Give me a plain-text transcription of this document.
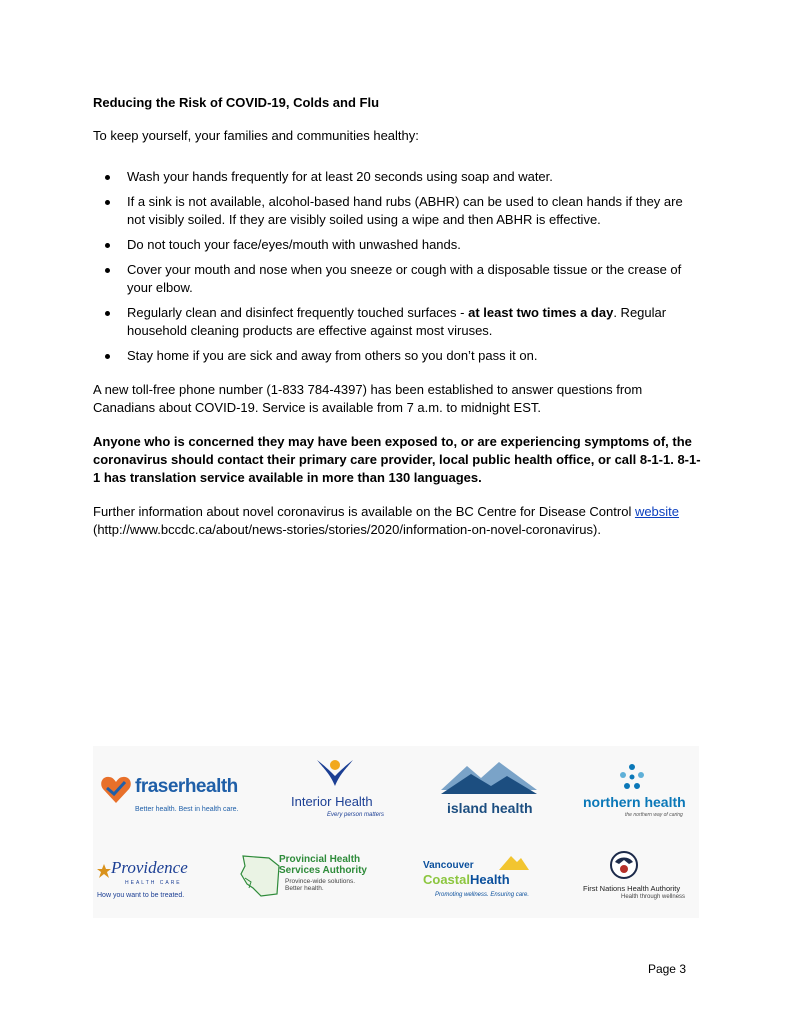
Reducing the Risk of COVID-19, Colds and Flu

To keep yourself, your families and communities healthy:

Wash your hands frequently for at least 20 seconds using soap and water.
If a sink is not available, alcohol-based hand rubs (ABHR) can be used to clean hands if they are not visibly soiled. If they are visibly soiled using a wipe and then ABHR is effective.
Do not touch your face/eyes/mouth with unwashed hands.
Cover your mouth and nose when you sneeze or cough with a disposable tissue or the crease of your elbow.
Regularly clean and disinfect frequently touched surfaces - at least two times a day. Regular household cleaning products are effective against most viruses.
Stay home if you are sick and away from others so you don’t pass it on.

A new toll-free phone number (1-833 784-4397) has been established to answer questions from Canadians about COVID-19. Service is available from 7 a.m. to midnight EST.

Anyone who is concerned they may have been exposed to, or are experiencing symptoms of, the coronavirus should contact their primary care provider, local public health office, or call 8-1-1. 8-1-1 has translation service available in more than 130 languages.

Further information about novel coronavirus is available on the BC Centre for Disease Control website
(http://www.bccdc.ca/about/news-stories/stories/2020/information-on-novel-coronavirus).

fraserhealth
Better health. Best in health care.
Interior Health
Every person matters	island health	northern health
the northern way of caring
Providence
HEALTH CARE
How you want to be treated.
Provincial Health
Services Authority
Province-wide solutions.
Better health.
Vancouver
CoastalHealth
Promoting wellness. Ensuring care.
First Nations Health Authority
Health through wellness
Page 3
